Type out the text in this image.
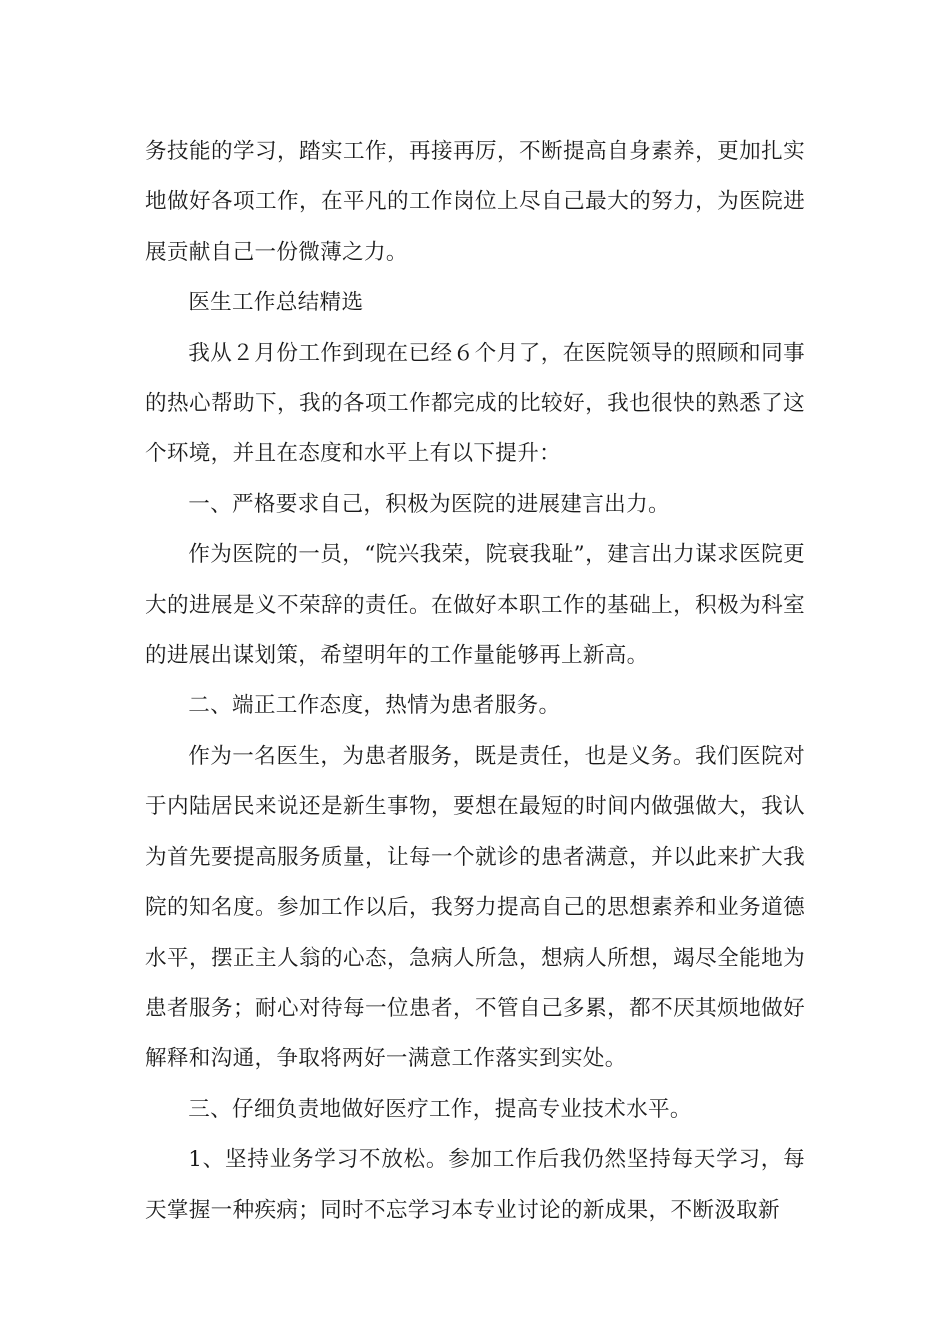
务技能的学习，踏实工作，再接再厉，不断提高自身素养，更加扎实地做好各项工作，在平凡的工作岗位上尽自己最大的努力，为医院进展贡献自己一份微薄之力。

医生工作总结精选

我从２月份工作到现在已经６个月了，在医院领导的照顾和同事的热心帮助下，我的各项工作都完成的比较好，我也很快的熟悉了这个环境，并且在态度和水平上有以下提升：

一、严格要求自己，积极为医院的进展建言出力。

作为医院的一员，“院兴我荣，院衰我耻”，建言出力谋求医院更大的进展是义不荣辞的责任。在做好本职工作的基础上，积极为科室的进展出谋划策，希望明年的工作量能够再上新高。

二、端正工作态度，热情为患者服务。

作为一名医生，为患者服务，既是责任，也是义务。我们医院对于内陆居民来说还是新生事物，要想在最短的时间内做强做大，我认为首先要提高服务质量，让每一个就诊的患者满意，并以此来扩大我院的知名度。参加工作以后，我努力提高自己的思想素养和业务道德水平，摆正主人翁的心态，急病人所急，想病人所想，竭尽全能地为患者服务；耐心对待每一位患者，不管自己多累，都不厌其烦地做好解释和沟通，争取将两好一满意工作落实到实处。

三、仔细负责地做好医疗工作，提高专业技术水平。

1、坚持业务学习不放松。参加工作后我仍然坚持每天学习，每天掌握一种疾病；同时不忘学习本专业讨论的新成果，不断汲取新
